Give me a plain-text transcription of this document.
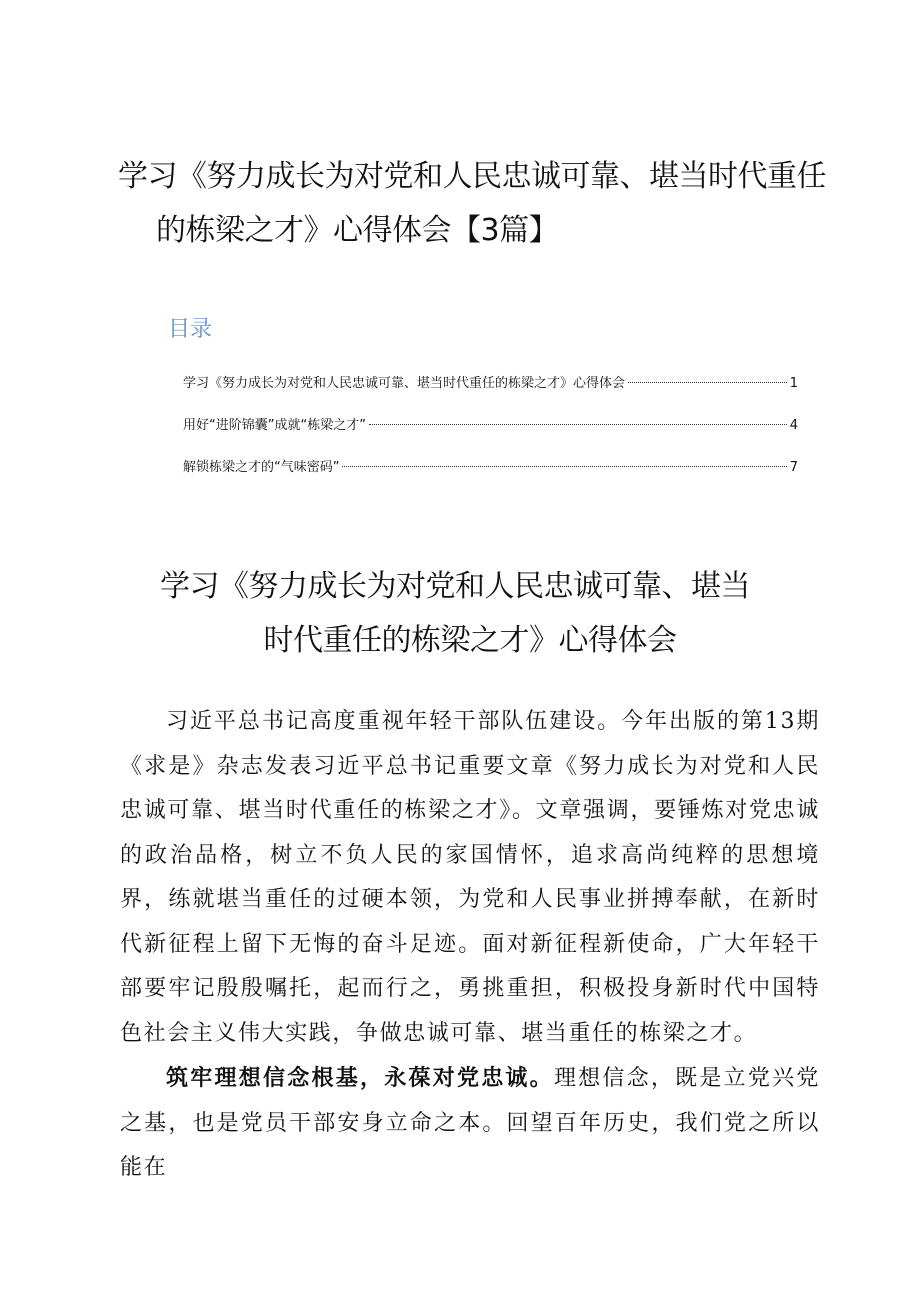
学习《努力成长为对党和人民忠诚可靠、堪当时代重任
的栋梁之才》心得体会【3篇】
目录
学习《努力成长为对党和人民忠诚可靠、堪当时代重任的栋梁之才》心得体会	1
用好“进阶锦囊”成就“栋梁之才”	4
解锁栋梁之才的“气味密码”	7
学习《努力成长为对党和人民忠诚可靠、堪当
时代重任的栋梁之才》心得体会

习近平总书记高度重视年轻干部队伍建设。今年出版的第13期《求是》杂志发表习近平总书记重要文章《努力成长为对党和人民忠诚可靠、堪当时代重任的栋梁之才》。文章强调，要锤炼对党忠诚的政治品格，树立不负人民的家国情怀，追求高尚纯粹的思想境界，练就堪当重任的过硬本领，为党和人民事业拼搏奉献，在新时代新征程上留下无悔的奋斗足迹。面对新征程新使命，广大年轻干部要牢记殷殷嘱托，起而行之，勇挑重担，积极投身新时代中国特色社会主义伟大实践，争做忠诚可靠、堪当重任的栋梁之才。

筑牢理想信念根基，永葆对党忠诚。理想信念，既是立党兴党之基，也是党员干部安身立命之本。回望百年历史，我们党之所以能在
